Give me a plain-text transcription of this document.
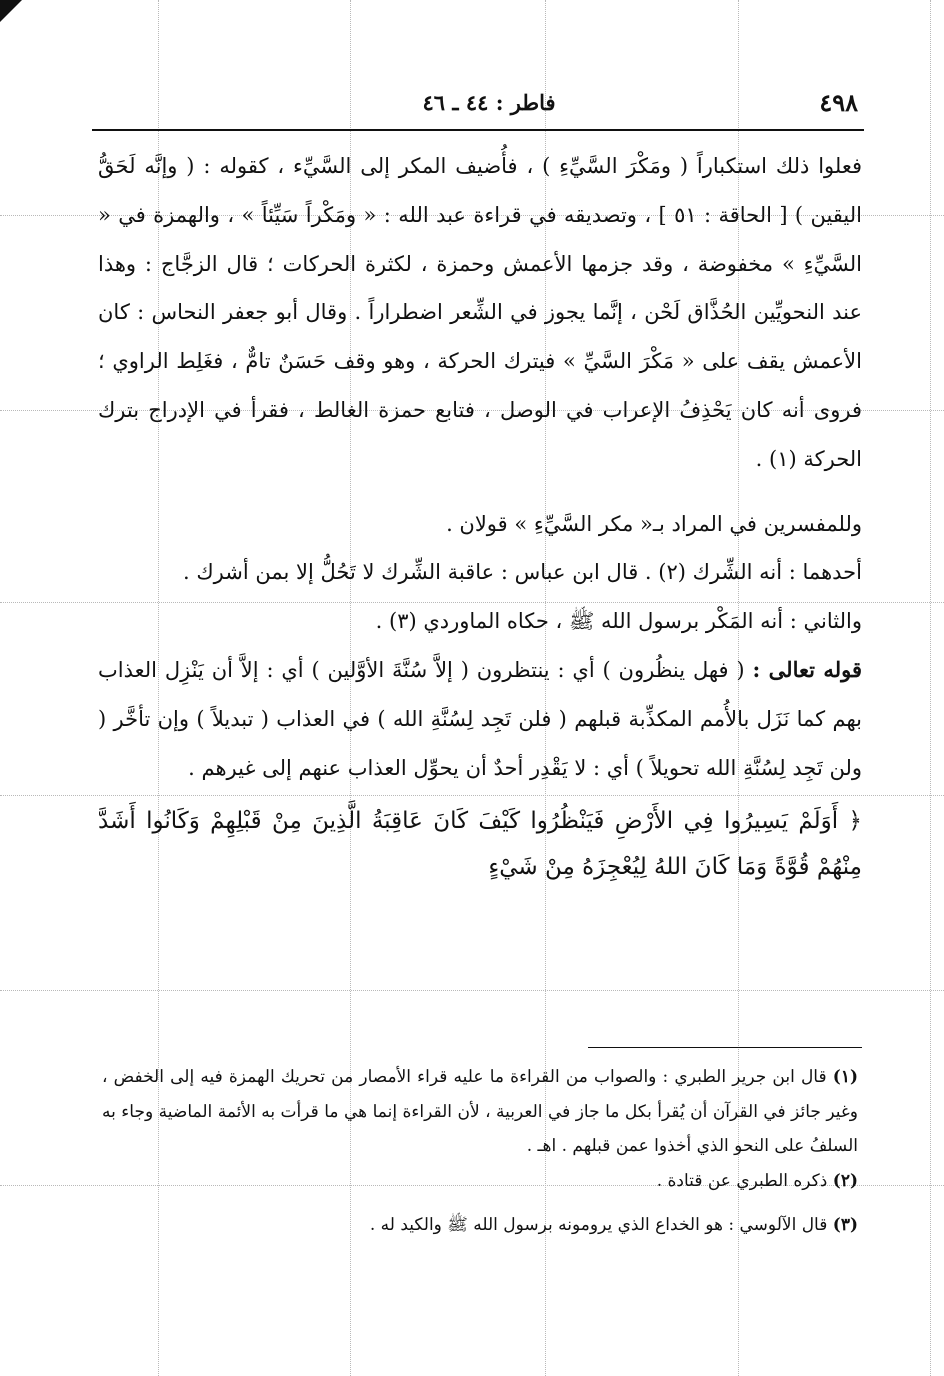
٤٩٨
فاطر : ٤٤ ـ ٤٦

فعلوا ذلك استكباراً ( ومَكْرَ السَّيِّءِ ) ، فأُضيف المكر إلى السَّيِّء ، كقوله : ( وإنَّه لَحَقُّ اليقين ) [ الحاقة : ٥١ ] ، وتصديقه في قراءة عبد الله : « ومَكْراً سَيِّئاً » ، والهمزة في « السَّيِّءِ » مخفوضة ، وقد جزمها الأعمش وحمزة ، لكثرة الحركات ؛ قال الزجَّاج : وهذا عند النحويِّين الحُذَّاق لَحْن ، إنَّما يجوز في الشِّعر اضطراراً . وقال أبو جعفر النحاس : كان الأعمش يقف على « مَكْرَ السَّيِّ » فيترك الحركة ، وهو وقف حَسَنٌ تامٌّ ، فغَلِط الراوي ؛ فروى أنه كان يَحْذِفُ الإعراب في الوصل ، فتابع حمزة الغالط ، فقرأ في الإدراج بترك الحركة (١) .

وللمفسرين في المراد بـ« مكر السَّيِّءِ » قولان .

أحدهما : أنه الشِّرك (٢) . قال ابن عباس : عاقبة الشِّرك لا تَحُلُّ إلا بمن أشرك .

والثاني : أنه المَكْر برسول الله ﷺ ، حكاه الماوردي (٣) .

قوله تعالى : ( فهل ينظُرون ) أي : ينتظرون ( إلاَّ سُنَّةَ الأوَّلين ) أي : إلاَّ أن يَنْزِل العذاب بهم كما نَزَل بالأُمم المكذِّبة قبلهم ( فلن تَجِد لِسُنَّةِ الله ) في العذاب ( تبديلاً ) وإن تأخَّر ( ولن تَجِد لِسُنَّةِ الله تحويلاً ) أي : لا يَقْدِر أحدٌ أن يحوِّل العذاب عنهم إلى غيرهم .

﴿ أَوَلَمْ يَسِيرُوا فِي الأَرْضِ فَيَنْظُرُوا كَيْفَ كَانَ عَاقِبَةُ الَّذِينَ مِنْ قَبْلِهِمْ وَكَانُوا أَشَدَّ مِنْهُمْ قُوَّةً وَمَا كَانَ اللهُ لِيُعْجِزَهُ مِنْ شَيْءٍ

(١) قال ابن جرير الطبري : والصواب من القراءة ما عليه قراء الأمصار من تحريك الهمزة فيه إلى الخفض ، وغير جائز في القرآن أن يُقرأ بكل ما جاز في العربية ، لأن القراءة إنما هي ما قرأت به الأئمة الماضية وجاء به السلفُ على النحو الذي أخذوا عمن قبلهم . اهـ .

(٢) ذكره الطبري عن قتادة .

(٣) قال الآلوسي : هو الخداع الذي يرومونه برسول الله ﷺ والكيد له .
